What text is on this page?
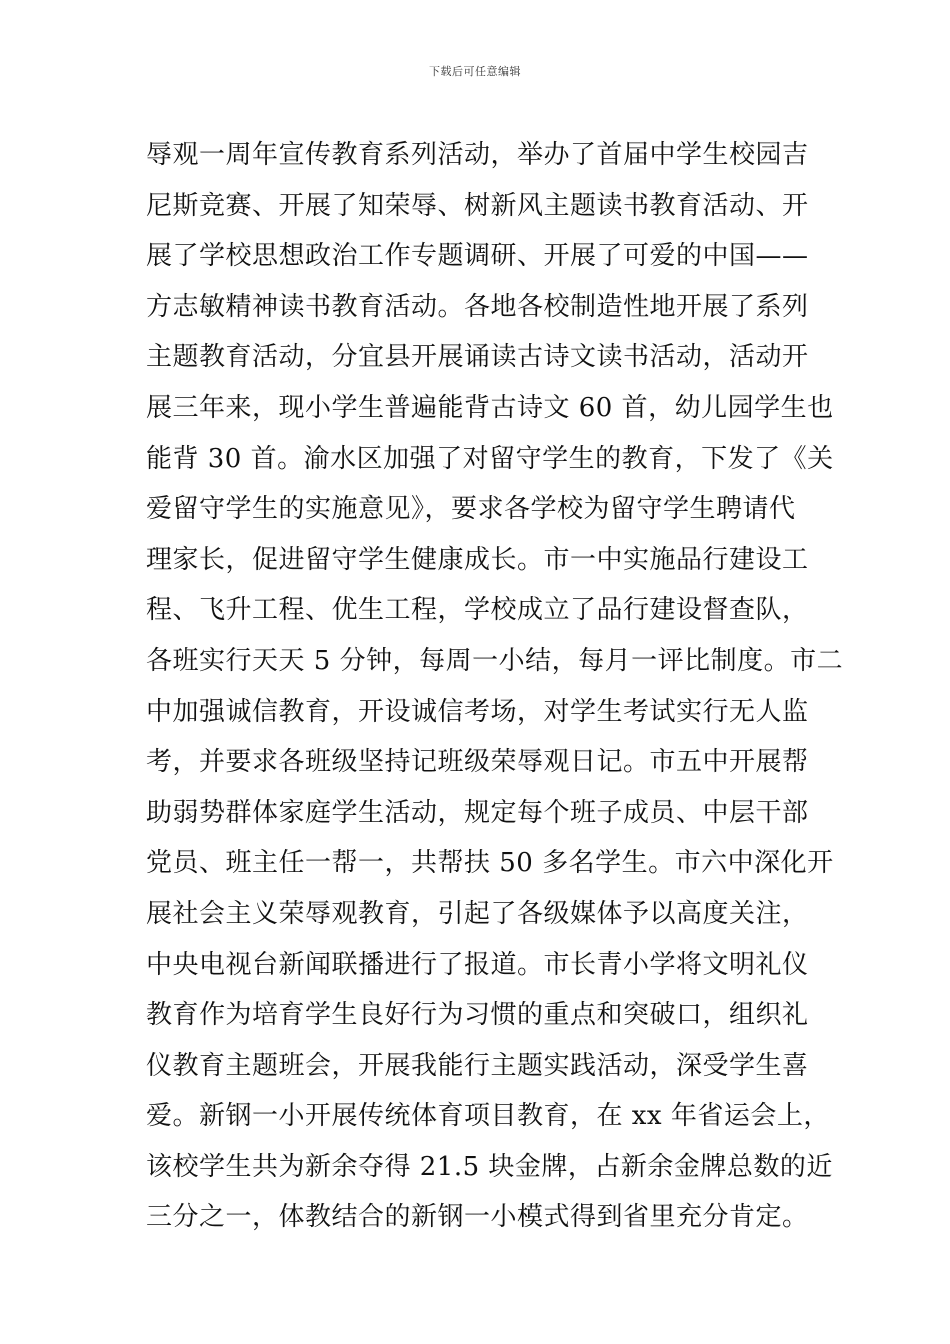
下载后可任意编辑
辱观一周年宣传教育系列活动，举办了首届中学生校园吉
尼斯竞赛、开展了知荣辱、树新风主题读书教育活动、开
展了学校思想政治工作专题调研、开展了可爱的中国——
方志敏精神读书教育活动。各地各校制造性地开展了系列
主题教育活动，分宜县开展诵读古诗文读书活动，活动开
展三年来，现小学生普遍能背古诗文 60 首，幼儿园学生也
能背 30 首。渝水区加强了对留守学生的教育，下发了《关
爱留守学生的实施意见》，要求各学校为留守学生聘请代
理家长，促进留守学生健康成长。市一中实施品行建设工
程、飞升工程、优生工程，学校成立了品行建设督查队，
各班实行天天 5 分钟，每周一小结，每月一评比制度。市二
中加强诚信教育，开设诚信考场，对学生考试实行无人监
考，并要求各班级坚持记班级荣辱观日记。市五中开展帮
助弱势群体家庭学生活动，规定每个班子成员、中层干部
党员、班主任一帮一，共帮扶 50 多名学生。市六中深化开
展社会主义荣辱观教育，引起了各级媒体予以高度关注，
中央电视台新闻联播进行了报道。市长青小学将文明礼仪
教育作为培育学生良好行为习惯的重点和突破口，组织礼
仪教育主题班会，开展我能行主题实践活动，深受学生喜
爱。新钢一小开展传统体育项目教育，在 xx 年省运会上，
该校学生共为新余夺得 21.5 块金牌，占新余金牌总数的近
三分之一，体教结合的新钢一小模式得到省里充分肯定。
